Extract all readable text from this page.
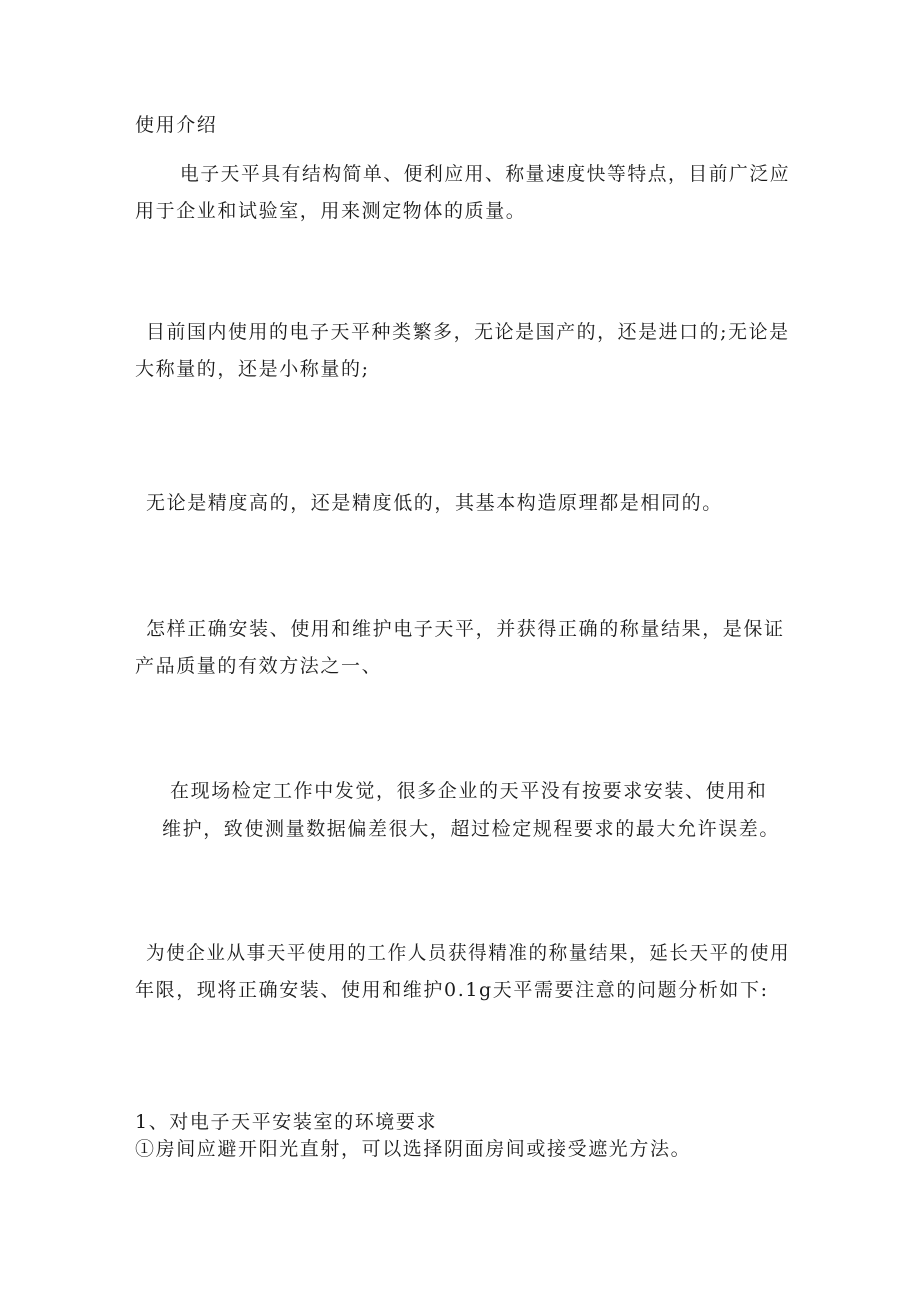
使用介绍
电子天平具有结构简单、便利应用、称量速度快等特点，目前广泛应
用于企业和试验室，用来测定物体的质量。
目前国内使用的电子天平种类繁多，无论是国产的，还是进口的;无论是
大称量的，还是小称量的;
无论是精度高的，还是精度低的，其基本构造原理都是相同的。
怎样正确安装、使用和维护电子天平，并获得正确的称量结果，是保证
产品质量的有效方法之一、
在现场检定工作中发觉，很多企业的天平没有按要求安装、使用和
维护，致使测量数据偏差很大，超过检定规程要求的最大允许误差。
为使企业从事天平使用的工作人员获得精准的称量结果，延长天平的使用
年限，现将正确安装、使用和维护0.1g天平需要注意的问题分析如下:
1、对电子天平安装室的环境要求
①房间应避开阳光直射，可以选择阴面房间或接受遮光方法。
